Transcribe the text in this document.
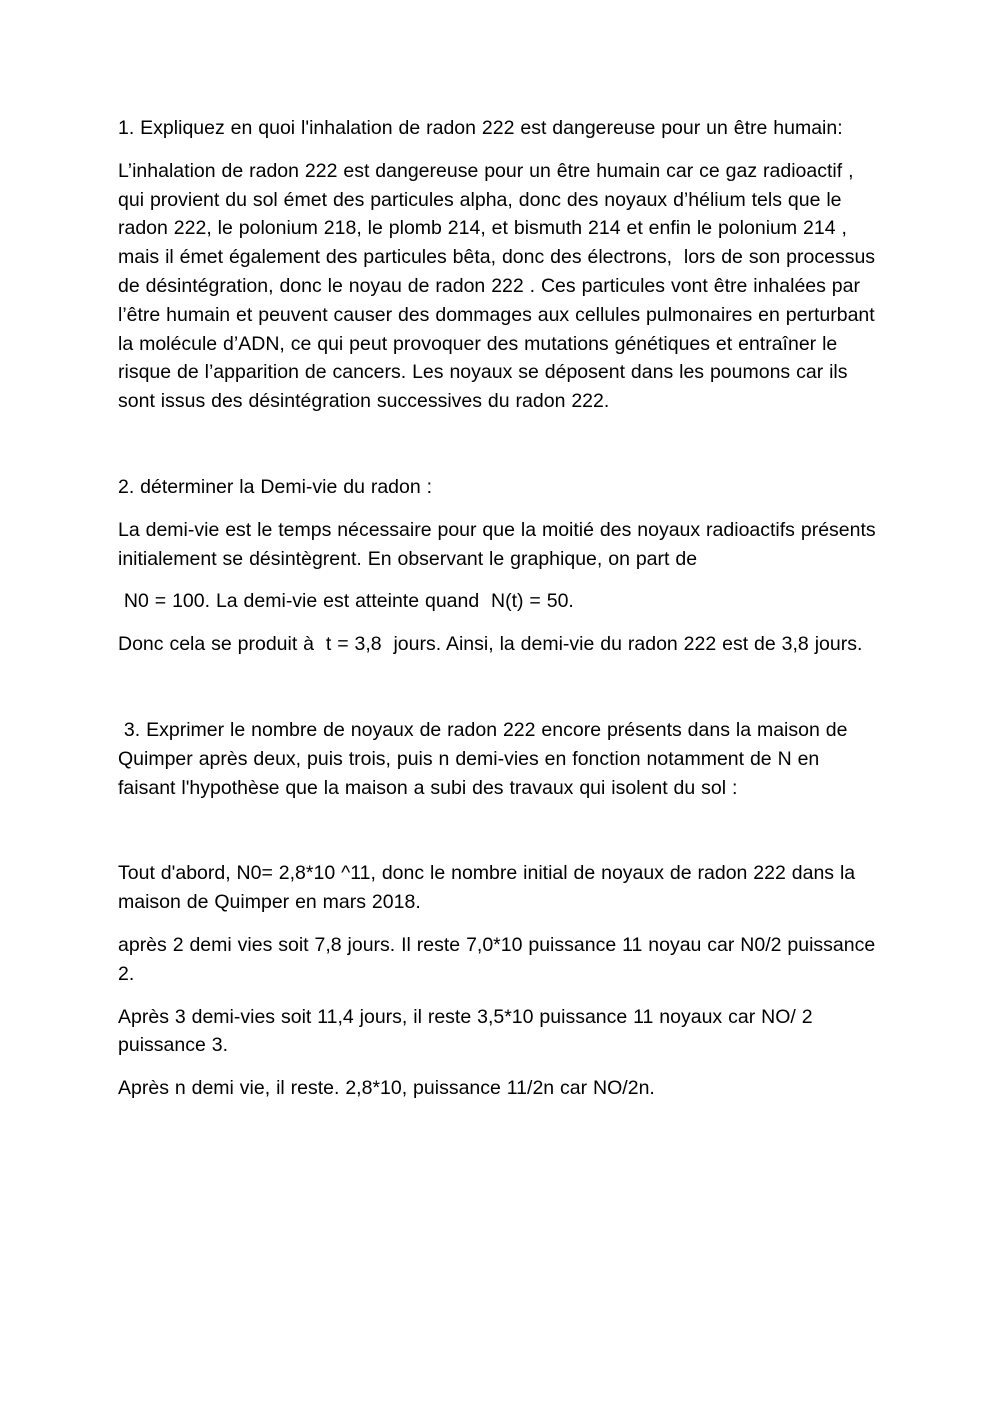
1. Expliquez en quoi l'inhalation de radon 222 est dangereuse pour un être humain:

L’inhalation de radon 222 est dangereuse pour un être humain car ce gaz radioactif , qui provient du sol émet des particules alpha, donc des noyaux d’hélium tels que le radon 222, le polonium 218, le plomb 214, et bismuth 214 et enfin le polonium 214 , mais il émet également des particules bêta, donc des électrons,  lors de son processus de désintégration, donc le noyau de radon 222 . Ces particules vont être inhalées par l’être humain et peuvent causer des dommages aux cellules pulmonaires en perturbant la molécule d’ADN, ce qui peut provoquer des mutations génétiques et entraîner le risque de l’apparition de cancers. Les noyaux se déposent dans les poumons car ils sont issus des désintégration successives du radon 222.

2. déterminer la Demi-vie du radon :

La demi-vie est le temps nécessaire pour que la moitié des noyaux radioactifs présents initialement se désintègrent. En observant le graphique, on part de

N0 = 100. La demi-vie est atteinte quand  N(t) = 50.

Donc cela se produit à  t = 3,8  jours. Ainsi, la demi-vie du radon 222 est de 3,8 jours.

3. Exprimer le nombre de noyaux de radon 222 encore présents dans la maison de Quimper après deux, puis trois, puis n demi-vies en fonction notamment de N en faisant l'hypothèse que la maison a subi des travaux qui isolent du sol :

Tout d'abord, N0= 2,8*10 ^11, donc le nombre initial de noyaux de radon 222 dans la maison de Quimper en mars 2018.

après 2 demi vies soit 7,8 jours. Il reste 7,0*10 puissance 11 noyau car N0/2 puissance 2.

Après 3 demi-vies soit 11,4 jours, il reste 3,5*10 puissance 11 noyaux car NO/ 2 puissance 3.

Après n demi vie, il reste. 2,8*10, puissance 11/2n car NO/2n.
